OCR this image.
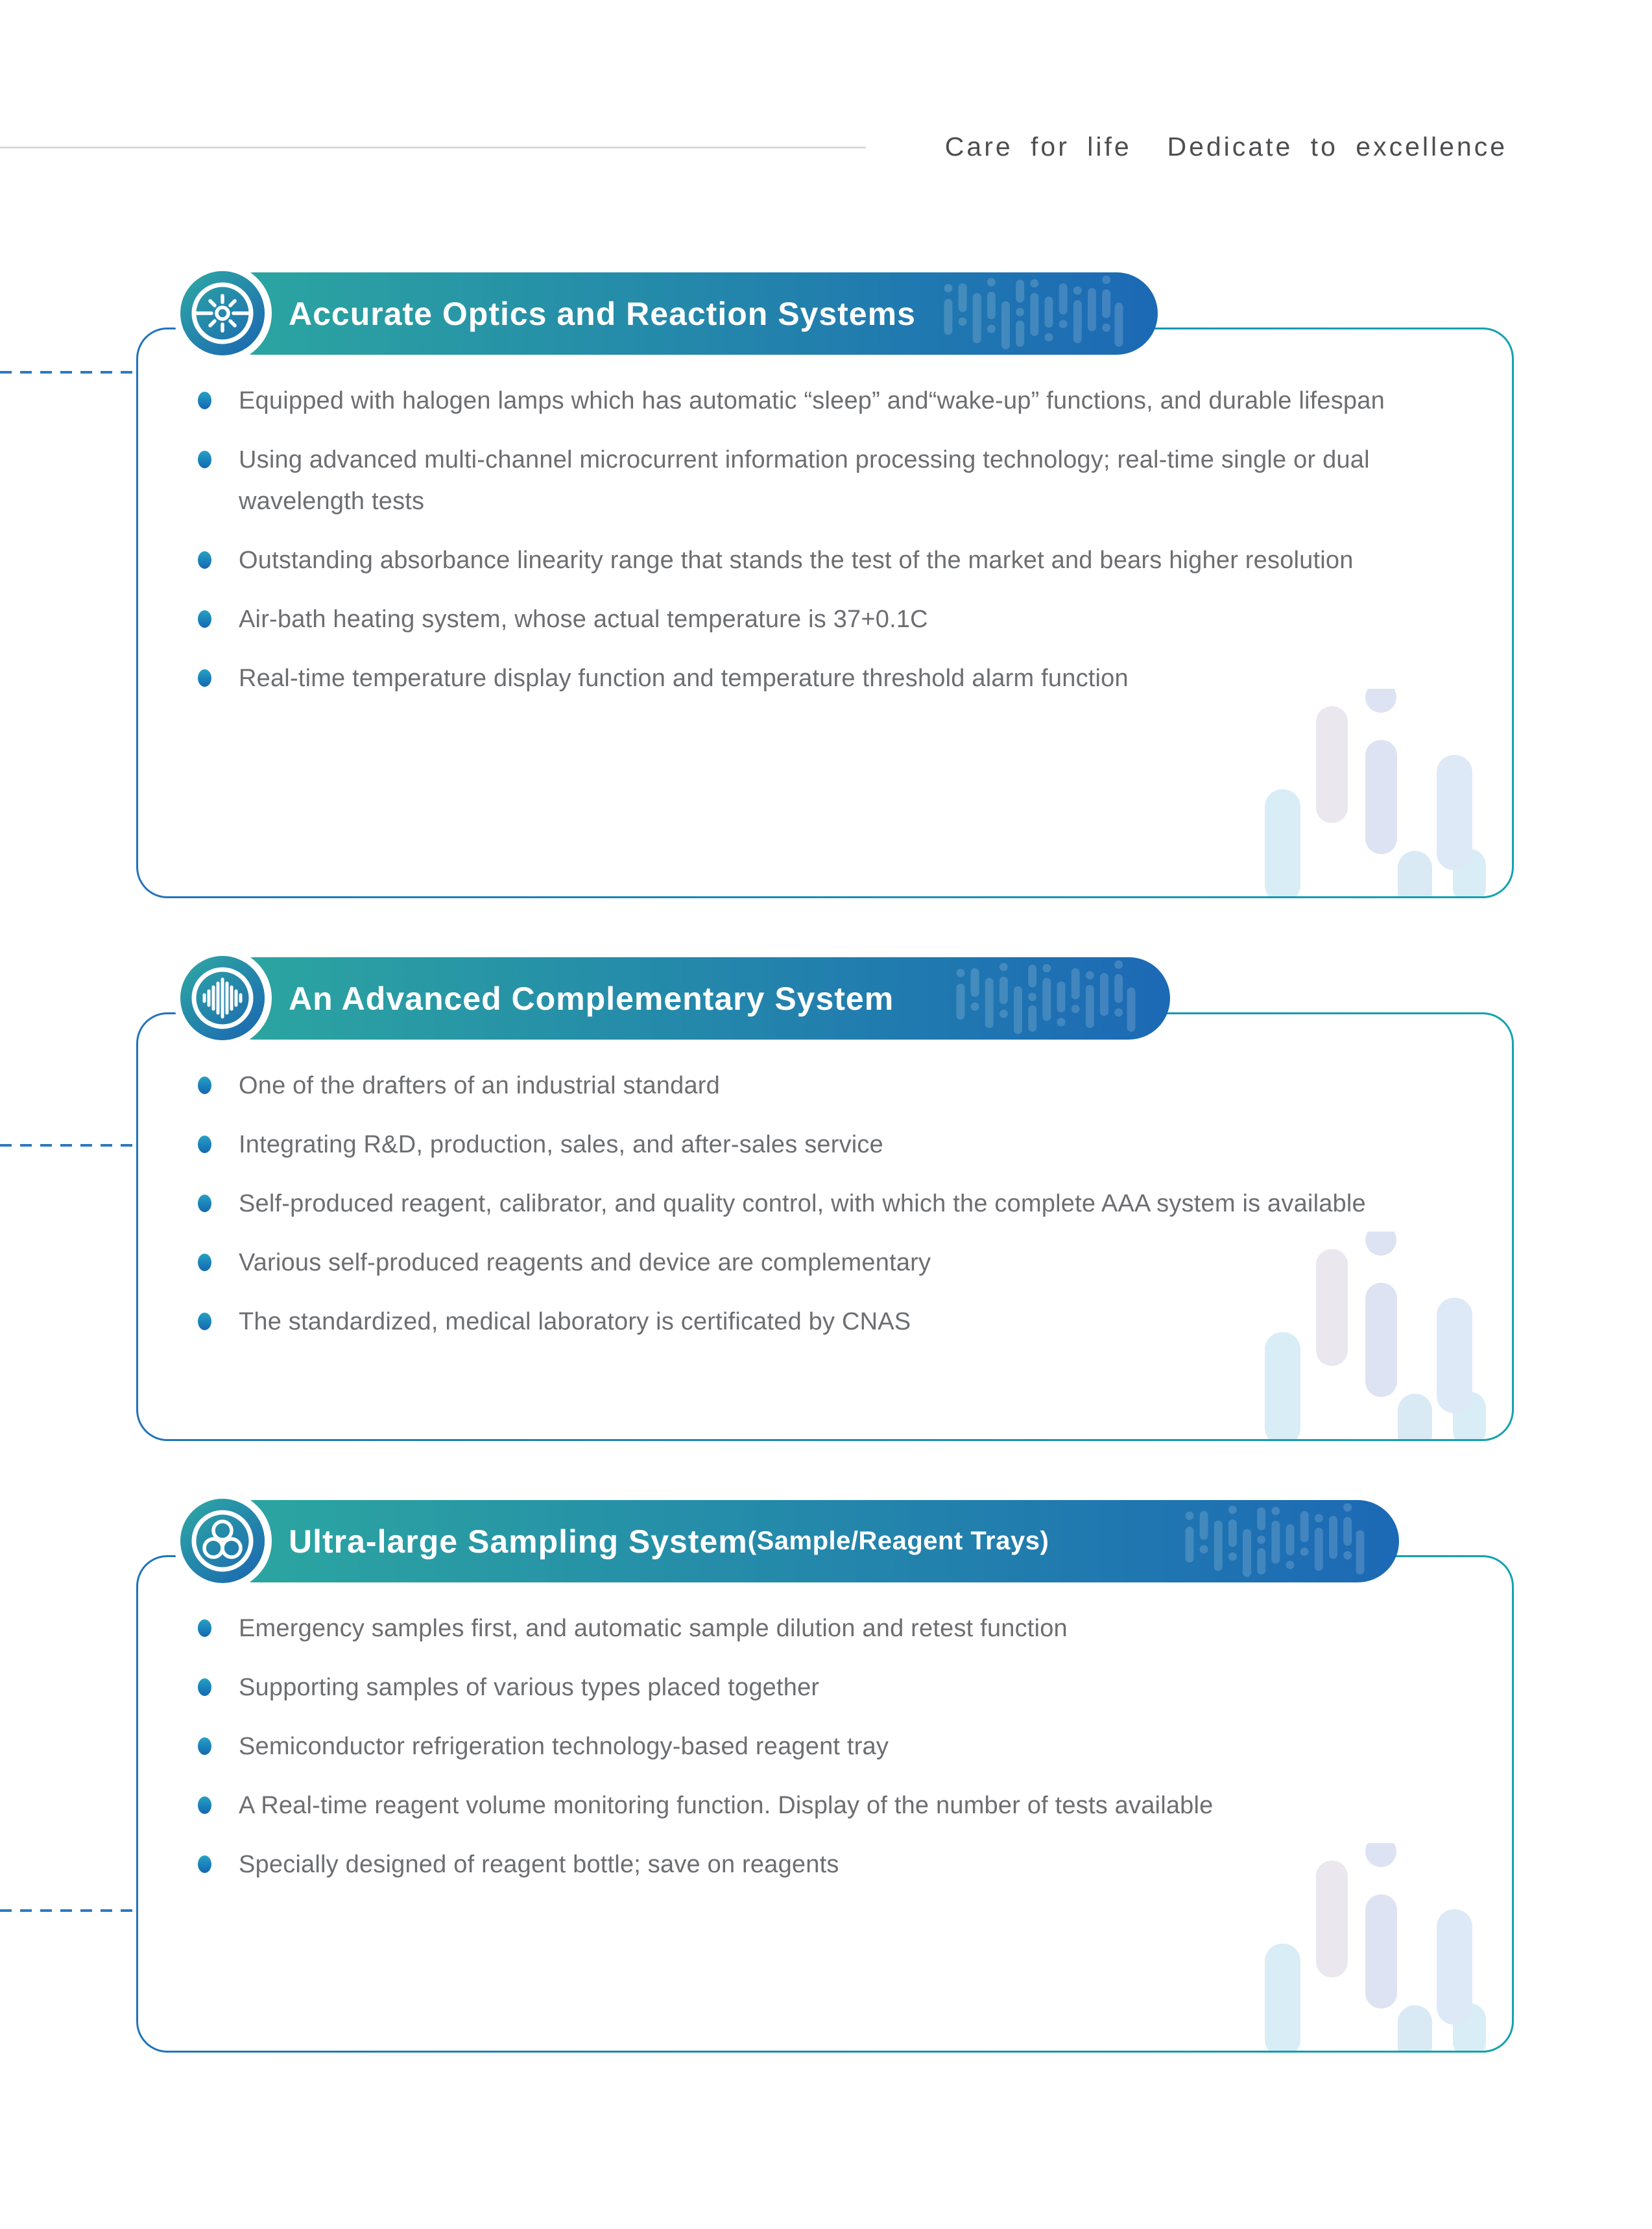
Care for life  Dedicate to excellence
Equipped with halogen lamps which has automatic “sleep” and“wake-up” functions, and durable lifespan
Using advanced multi-channel microcurrent information processing technology; real-time single or dual wavelength tests
Outstanding absorbance linearity range that stands the test of the market and bears higher resolution
Air-bath heating system, whose actual temperature is 37+0.1C
Real-time temperature display function and temperature threshold alarm function
Accurate Optics and Reaction Systems
One of the drafters of an industrial standard
Integrating R&D, production, sales, and after-sales service
Self-produced reagent, calibrator, and quality control, with which the complete AAA system is available
Various self-produced reagents and device are complementary
The standardized, medical laboratory is certificated by CNAS
An Advanced Complementary System
Emergency samples first, and automatic sample dilution and retest function
Supporting samples of various types placed together
Semiconductor refrigeration technology-based reagent tray
A Real-time reagent volume monitoring function. Display of the number of tests available
Specially designed of reagent bottle; save on reagents
Ultra-large Sampling System (Sample/Reagent Trays)
